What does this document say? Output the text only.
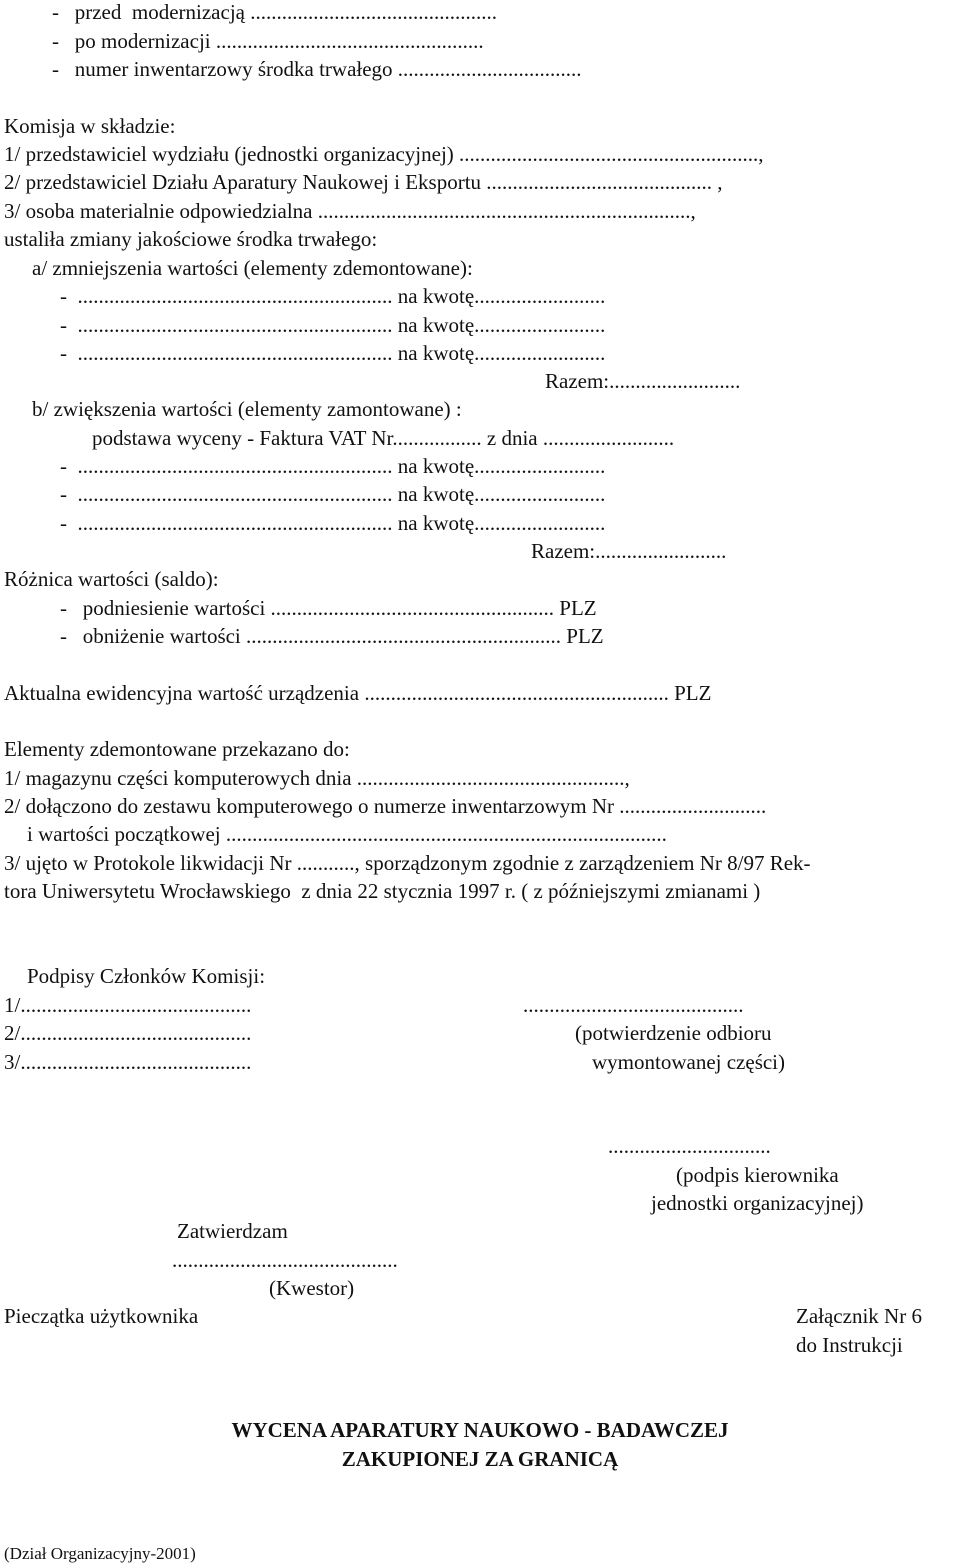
-   przed  modernizacją ...............................................
-   po modernizacji ...................................................
-   numer inwentarzowy środka trwałego ...................................
Komisja w składzie:
1/ przedstawiciel wydziału (jednostki organizacyjnej) .........................................................,
2/ przedstawiciel Działu Aparatury Naukowej i Eksportu ........................................... ,
3/ osoba materialnie odpowiedzialna .......................................................................,
ustaliła zmiany jakościowe środka trwałego:
a/ zmniejszenia wartości (elementy zdemontowane):
-  ............................................................ na kwotę.........................
-  ............................................................ na kwotę.........................
-  ............................................................ na kwotę.........................
Razem:.........................
b/ zwiększenia wartości (elementy zamontowane) :
podstawa wyceny - Faktura VAT Nr................. z dnia .........................
-  ............................................................ na kwotę.........................
-  ............................................................ na kwotę.........................
-  ............................................................ na kwotę.........................
Razem:.........................
Różnica wartości (saldo):
-   podniesienie wartości ...................................................... PLZ
-   obniżenie wartości ............................................................ PLZ
Aktualna ewidencyjna wartość urządzenia .......................................................... PLZ
Elementy zdemontowane przekazano do:
1/ magazynu części komputerowych dnia ...................................................,
2/ dołączono do zestawu komputerowego o numerze inwentarzowym Nr ............................
i wartości początkowej ....................................................................................
3/ ujęto w Protokole likwidacji Nr ..........., sporządzonym zgodnie z zarządzeniem Nr 8/97 Rek-
tora Uniwersytetu Wrocławskiego  z dnia 22 stycznia 1997 r. ( z późniejszymi zmianami )
Podpisy Członków Komisji:
1/............................................
2/............................................
3/............................................
..........................................
(potwierdzenie odbioru
wymontowanej części)
...............................
(podpis kierownika
jednostki organizacyjnej)
Zatwierdzam
...........................................
(Kwestor)
Pieczątka użytkownika	Załącznik Nr 6
do Instrukcji
WYCENA APARATURY NAUKOWO - BADAWCZEJ
ZAKUPIONEJ ZA GRANICĄ
(Dział Organizacyjny-2001)
